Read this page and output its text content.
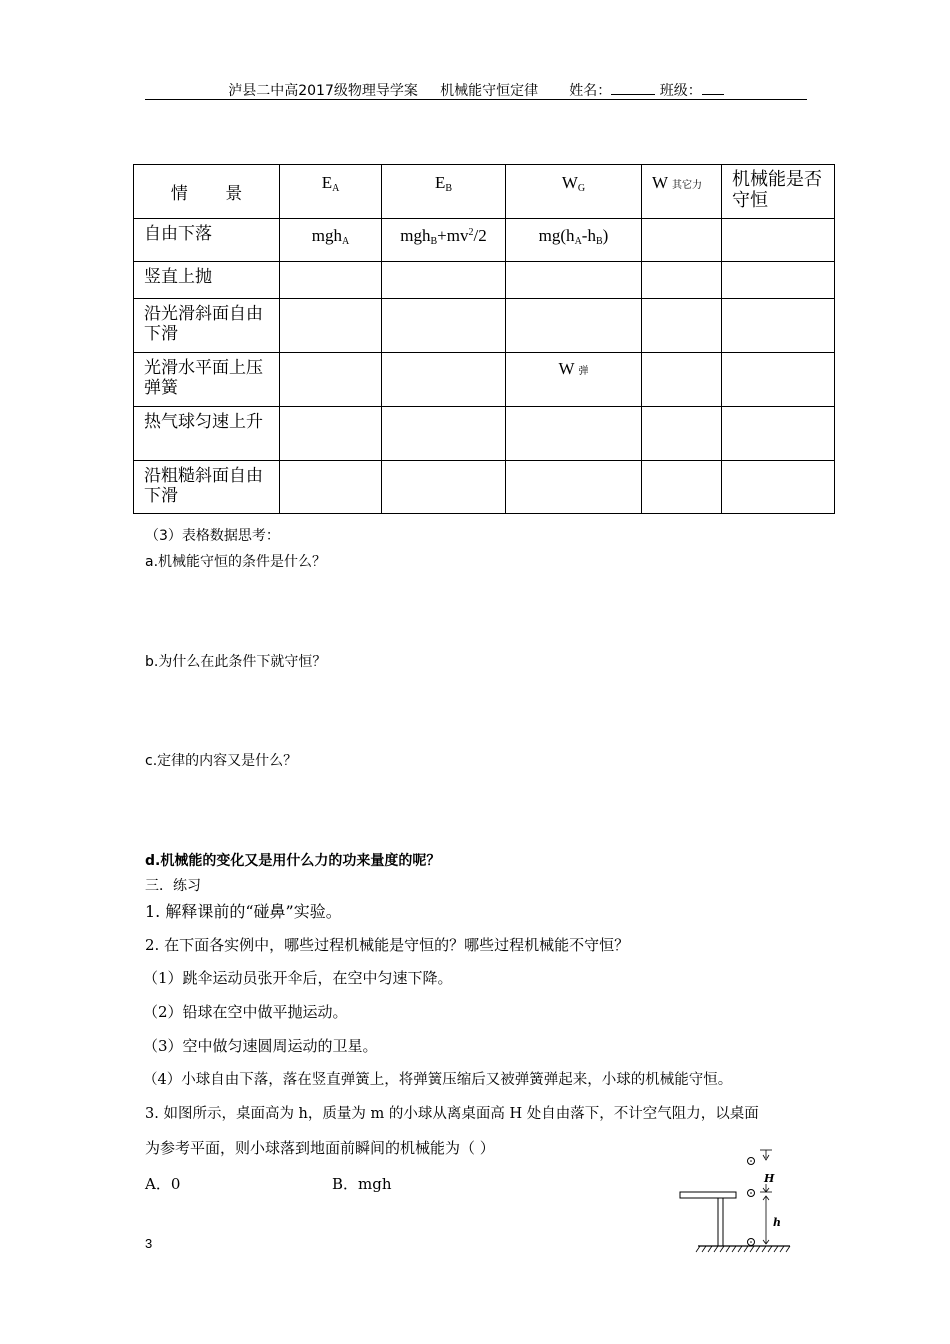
泸县二中高2017级物理导学案 机械能守恒定律 姓名：	班级：
情 景	$E_A$	$E_B$	$W_G$	W 其它力	机械能是否守恒
自由下落	mgh$_A$	$mgh_B+mv^2/2$	$mg(h_A-h_B)$		
竖直上抛					
沿光滑斜面自由下滑					
光滑水平面上压弹簧			W 弹		
热气球匀速上升					
沿粗糙斜面自由下滑					
（3）表格数据思考：
a.机械能守恒的条件是什么？
b.为什么在此条件下就守恒？
c.定律的内容又是什么？
d.机械能的变化又是用什么力的功来量度的呢？
三．练习
1. 解释课前的“碰鼻”实验。
2. 在下面各实例中，哪些过程机械能是守恒的？哪些过程机械能不守恒？
（1）跳伞运动员张开伞后，在空中匀速下降。
（2）铅球在空中做平抛运动。
（3）空中做匀速圆周运动的卫星。
（4）小球自由下落，落在竖直弹簧上，将弹簧压缩后又被弹簧弹起来，小球的机械能守恒。
3. 如图所示，桌面高为 h，质量为 m 的小球从离桌面高 H 处自由落下，不计空气阻力，以桌面
为参考平面，则小球落到地面前瞬间的机械能为（ ）
A．0	B．mgh	H
h
3
